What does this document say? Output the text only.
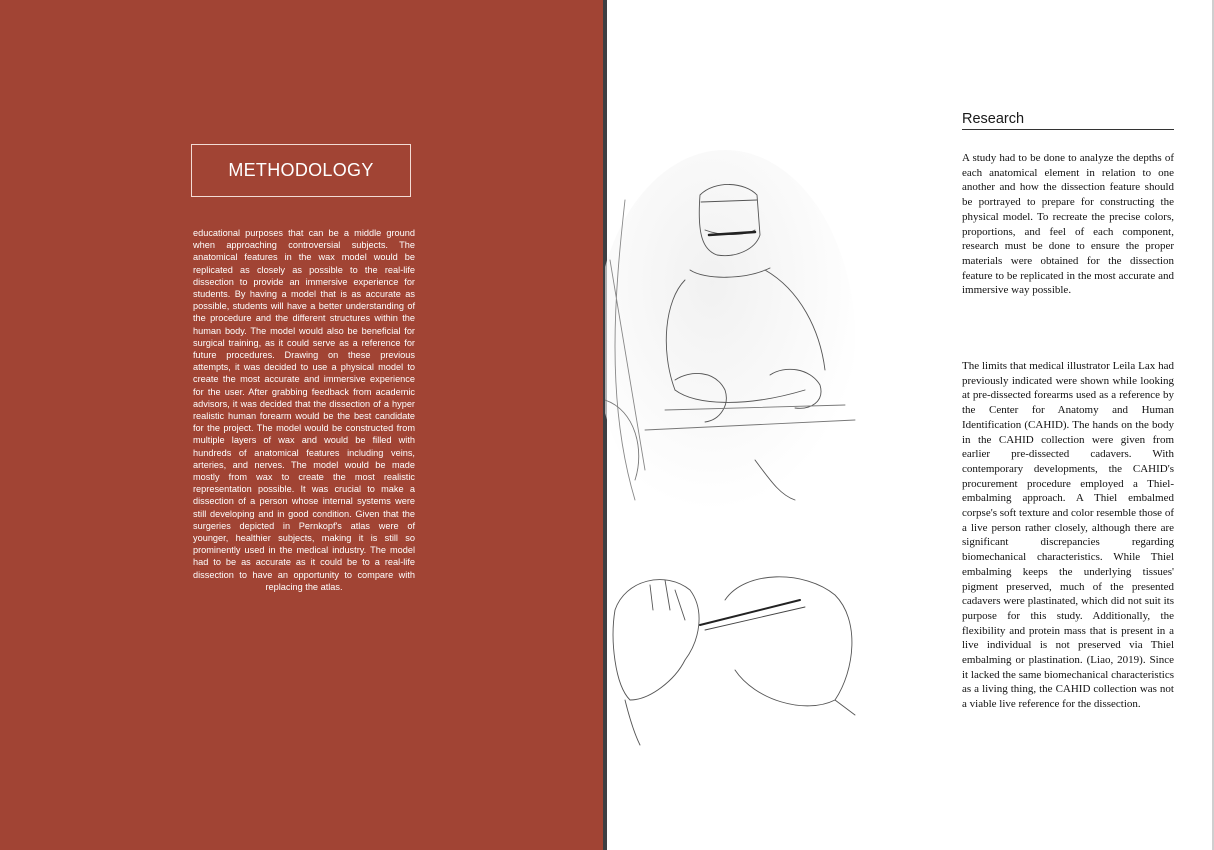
METHODOLOGY
educational purposes that can be a middle ground when approaching controversial subjects. The anatomical features in the wax model would be replicated as closely as possible to the real-life dissection to provide an immersive experience for students. By having a model that is as accurate as possible, students will have a better understanding of the procedure and the different structures within the human body. The model would also be beneficial for surgical training, as it could serve as a reference for future procedures. Drawing on these previous attempts, it was decided to use a physical model to create the most accurate and immersive experience for the user. After grabbing feedback from academic advisors, it was decided that the dissection of a hyper realistic human forearm would be the best candidate for the project. The model would be constructed from multiple layers of wax and would be filled with hundreds of anatomical features including veins, arteries, and nerves. The model would be made mostly from wax to create the most realistic representation possible. It was crucial to make a dissection of a person whose internal systems were still developing and in good condition. Given that the surgeries depicted in Pernkopf's atlas were of younger, healthier subjects, making it is still so prominently used in the medical industry. The model had to be as accurate as it could be to a real-life dissection to have an opportunity to compare with replacing the atlas.
Research
A study had to be done to analyze the depths of each anatomical element in relation to one another and how the dissection feature should be portrayed to prepare for constructing the physical model. To recreate the precise colors, proportions, and feel of each component, research must be done to ensure the proper materials were obtained for the dissection feature to be replicated in the most accurate and immersive way possible.
The limits that medical illustrator Leila Lax had previously indicated were shown while looking at pre-dissected forearms used as a reference by the Center for Anatomy and Human Identification (CAHID). The hands on the body in the CAHID collection were given from earlier pre-dissected cadavers. With contemporary developments, the CAHID's procurement procedure employed a Thiel-embalming approach. A Thiel embalmed corpse's soft texture and color resemble those of a live person rather closely, although there are significant discrepancies regarding biomechanical characteristics. While Thiel embalming keeps the underlying tissues' pigment preserved, much of the presented cadavers were plastinated, which did not suit its purpose for this study. Additionally, the flexibility and protein mass that is present in a live individual is not preserved via Thiel embalming or plastination. (Liao, 2019). Since it lacked the same biomechanical characteristics as a living thing, the CAHID collection was not a viable live reference for the dissection.
